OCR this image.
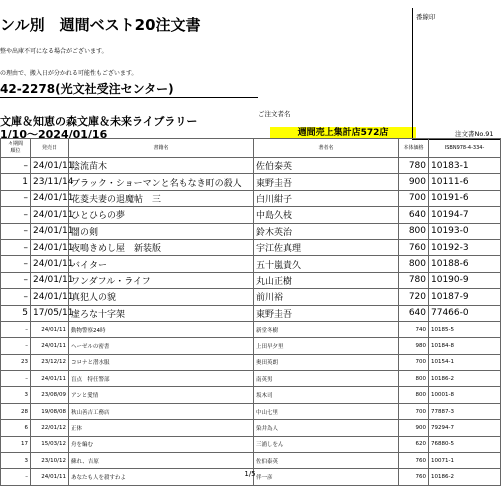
ンル別　週間ベスト20注文書
整や出庫不可になる場合がございます。
の理由で、搬入日が分かれる可能性もございます。
42-2278(光文社受注センター)
ご注文者名
文庫＆知恵の森文庫＆未来ライブラリー
1/10～2024/01/16	週間売上集計店572店
番線印
注文書No.91
々期間
順位	発売日	書籍名	著者名	本体価格	ISBN978-4-334-
–	24/01/11	陰流苗木	佐伯泰英	780	10183-1
1	23/11/14	ブラック・ショーマンと名もなき町の殺人	東野圭吾	900	10111-6
–	24/01/11	花菱夫妻の退魔帖　三	白川紺子	700	10191-6
–	24/01/11	ひとひらの夢	中島久枝	640	10194-7
–	24/01/11	闇の剣	鈴木英治	800	10193-0
–	24/01/11	夜鳴きめし屋　新装版	宇江佐真理	760	10192-3
–	24/01/11	バイター	五十嵐貴久	800	10188-6
–	24/01/11	ワンダフル・ライフ	丸山正樹	780	10190-9
–	24/01/11	真犯人の貌	前川裕	720	10187-9
5	17/05/11	虚ろな十字架	東野圭吾	640	77466-0
–	24/01/11	動物警察24時	新堂冬樹	740	10185-5
–	24/01/11	ヘーゼルの密書	上田早夕里	980	10184-8
23	23/12/12	コロナと潜水服	奥田英朗	700	10154-1
–	24/01/11	盲点　特任警部	南英男	800	10186-2
3	23/08/09	アンと愛情	坂木司	800	10001-8
28	19/08/08	秋山善吉工務店	中山七里	700	77887-3
6	22/01/12	正体	染井為人	900	79294-7
17	15/03/12	舟を編む	三浦しをん	620	76880-5
3	23/10/12	蘇れ、吉原	佐伯泰英	760	10071-1
–	24/01/11	あなたも人を殺すわよ	伴一彦	760	10186-2
1/5
